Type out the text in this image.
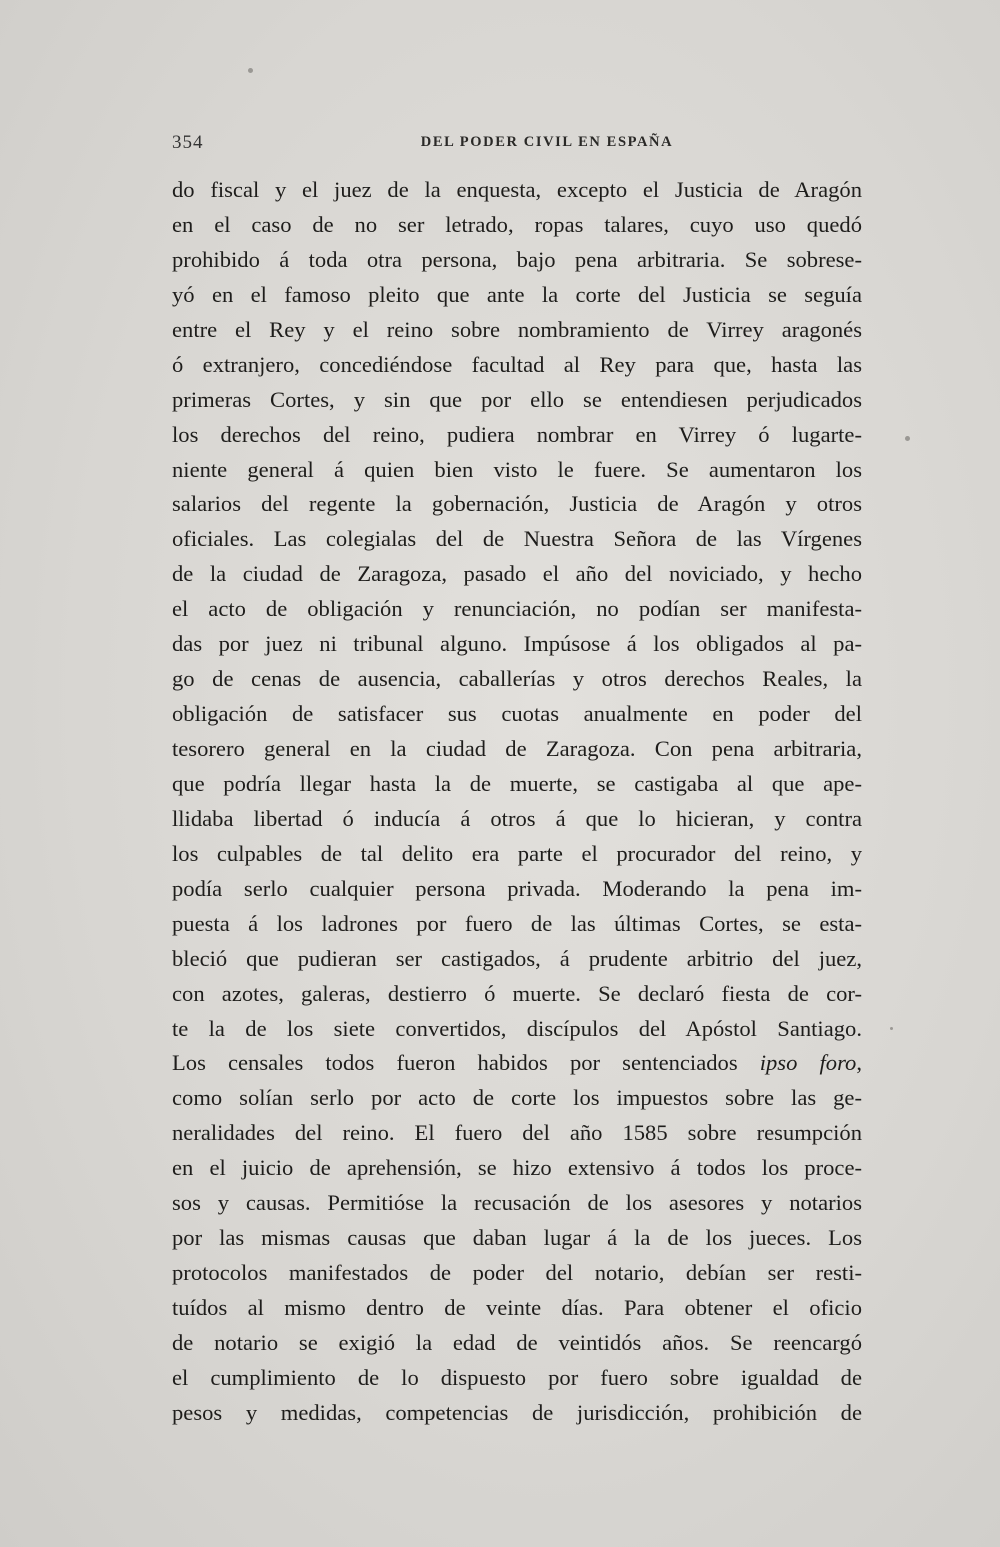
354	DEL PODER CIVIL EN ESPAÑA
do fiscal y el juez de la enquesta, excepto el Justicia de Aragón
en el caso de no ser letrado, ropas talares, cuyo uso quedó
prohibido á toda otra persona, bajo pena arbitraria. Se sobrese-
yó en el famoso pleito que ante la corte del Justicia se seguía
entre el Rey y el reino sobre nombramiento de Virrey aragonés
ó extranjero, concediéndose facultad al Rey para que, hasta las
primeras Cortes, y sin que por ello se entendiesen perjudicados
los derechos del reino, pudiera nombrar en Virrey ó lugarte-
niente general á quien bien visto le fuere. Se aumentaron los
salarios del regente la gobernación, Justicia de Aragón y otros
oficiales. Las colegialas del de Nuestra Señora de las Vírgenes
de la ciudad de Zaragoza, pasado el año del noviciado, y hecho
el acto de obligación y renunciación, no podían ser manifesta-
das por juez ni tribunal alguno. Impúsose á los obligados al pa-
go de cenas de ausencia, caballerías y otros derechos Reales, la
obligación de satisfacer sus cuotas anualmente en poder del
tesorero general en la ciudad de Zaragoza. Con pena arbitraria,
que podría llegar hasta la de muerte, se castigaba al que ape-
llidaba libertad ó inducía á otros á que lo hicieran, y contra
los culpables de tal delito era parte el procurador del reino, y
podía serlo cualquier persona privada. Moderando la pena im-
puesta á los ladrones por fuero de las últimas Cortes, se esta-
bleció que pudieran ser castigados, á prudente arbitrio del juez,
con azotes, galeras, destierro ó muerte. Se declaró fiesta de cor-
te la de los siete convertidos, discípulos del Apóstol Santiago.
Los censales todos fueron habidos por sentenciados ipso foro,
como solían serlo por acto de corte los impuestos sobre las ge-
neralidades del reino. El fuero del año 1585 sobre resumpción
en el juicio de aprehensión, se hizo extensivo á todos los proce-
sos y causas. Permitióse la recusación de los asesores y notarios
por las mismas causas que daban lugar á la de los jueces. Los
protocolos manifestados de poder del notario, debían ser resti-
tuídos al mismo dentro de veinte días. Para obtener el oficio
de notario se exigió la edad de veintidós años. Se reencargó
el cumplimiento de lo dispuesto por fuero sobre igualdad de
pesos y medidas, competencias de jurisdicción, prohibición de
